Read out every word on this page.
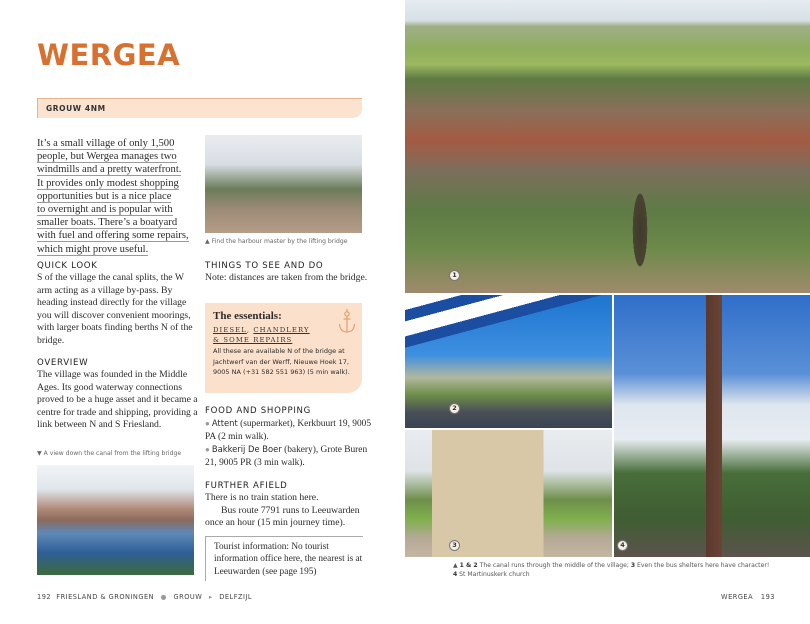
WERGEA
GROUW 4NM
It’s a small village of only 1,500
people, but Wergea manages two
windmills and a pretty waterfront.
It provides only modest shopping
opportunities but is a nice place
to overnight and is popular with
smaller boats. There’s a boatyard
with fuel and offering some repairs,
which might prove useful.
QUICK LOOK
S of the village the canal splits, the W arm acting as a village by-pass. By heading instead directly for the village you will discover convenient moorings, with larger boats finding berths N of the bridge.
OVERVIEW
The village was founded in the Middle Ages. Its good waterway connections proved to be a huge asset and it became a centre for trade and shipping, providing a link between N and S Friesland.
▼ A view down the canal from the lifting bridge
▲ Find the harbour master by the lifting bridge
THINGS TO SEE AND DO
Note: distances are taken from the bridge.
The essentials:
DIESEL, CHANDLERY
& SOME REPAIRS
All these are available N of the bridge at Jachtwerf van der Werff, Nieuwe Hoek 17, 9005 NA (+31 582 551 963) (5 min walk).
FOOD AND SHOPPING
● Attent (supermarket), Kerkbuurt 19, 9005 PA (2 min walk).
● Bakkerij De Boer (bakery), Grote Buren 21, 9005 PR (3 min walk).
FURTHER AFIELD
There is no train station here.
Bus route 7791 runs to Leeuwarden once an hour (15 min journey time).
Tourist information: No tourist information office here, the nearest is at Leeuwarden (see page 195)
192 FRIESLAND & GRONINGEN ● GROUW ▸ DELFZIJL
1
2
3	4
▲ 1 & 2 The canal runs through the middle of the village; 3 Even the bus shelters here have character!
4 St Martinuskerk church
WERGEA 193
